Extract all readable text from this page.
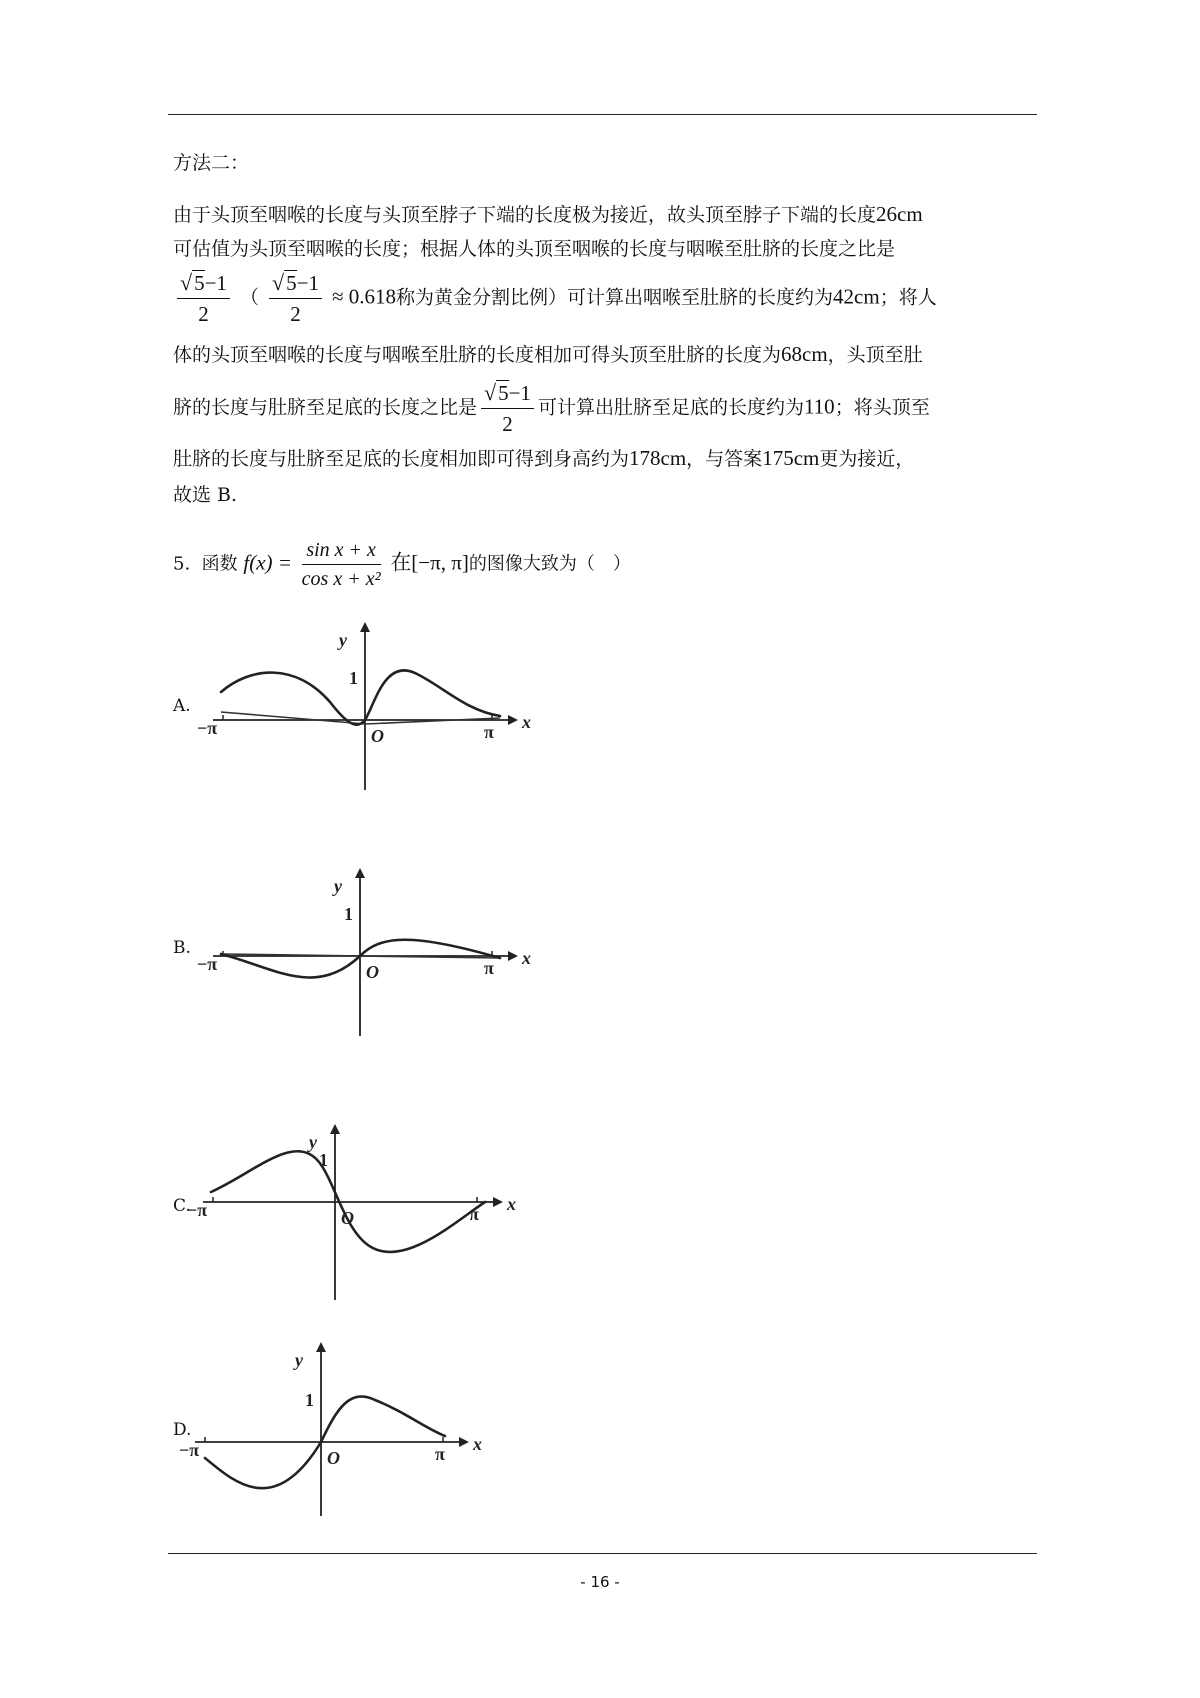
方法二：
由于头顶至咽喉的长度与头顶至脖子下端的长度极为接近，故头顶至脖子下端的长度26cm
可估值为头顶至咽喉的长度；根据人体的头顶至咽喉的长度与咽喉至肚脐的长度之比是
$\frac{√5-1}{2}$ （ $\frac{√5-1}{2} \approx 0.618$称为黄金分割比例）可计算出咽喉至肚脐的长度约为42cm；将人
体的头顶至咽喉的长度与咽喉至肚脐的长度相加可得头顶至肚脐的长度为68cm，头顶至肚
脐的长度与肚脐至足底的长度之比是 $\frac{√5-1}{2}$ 可计算出肚脐至足底的长度约为110；将头顶至
肚脐的长度与肚脐至足底的长度相加即可得到身高约为178cm，与答案175cm更为接近，
故选 B.
5. 函数 $f(x) = \frac{\text{sin x + x}}{\text{cos x + x²}}$ 在[−π, π]的图像大致为（　）
A.
y
x
1
O
−π	π
B.
y
x
1
O
−π	π
C.
y
x
1
O
−π	π
D.
y
x
1
O
−π	π
- 16 -
